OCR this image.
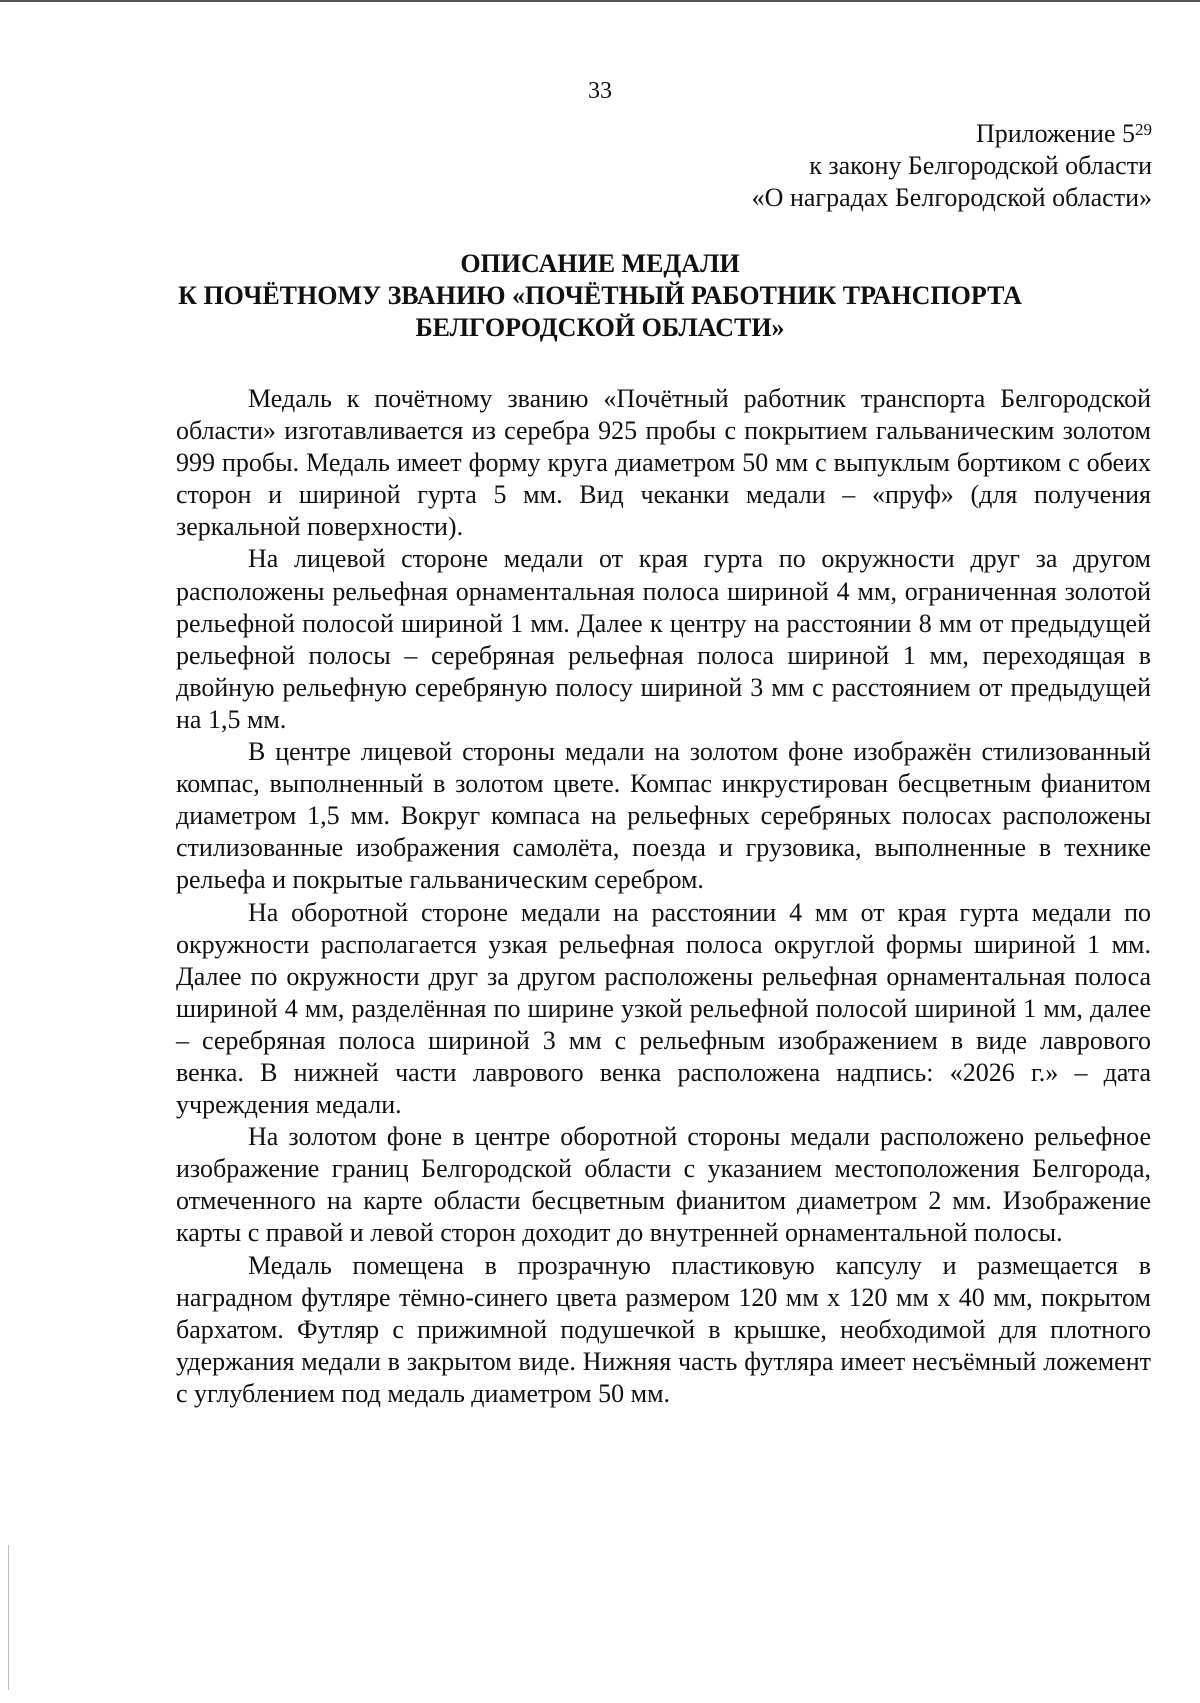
33
Приложение $5^{29}$
к закону Белгородской области
«О наградах Белгородской области»
ОПИСАНИЕ МЕДАЛИ
К ПОЧЁТНОМУ ЗВАНИЮ «ПОЧЁТНЫЙ РАБОТНИК ТРАНСПОРТА
БЕЛГОРОДСКОЙ ОБЛАСТИ»

Медаль к почётному званию «Почётный работник транспорта Белгородской области» изготавливается из серебра 925 пробы с покрытием гальваническим золотом 999 пробы. Медаль имеет форму круга диаметром 50 мм с выпуклым бортиком с обеих сторон и шириной гурта 5 мм. Вид чеканки медали – «пруф» (для получения зеркальной поверхности).

На лицевой стороне медали от края гурта по окружности друг за другом расположены рельефная орнаментальная полоса шириной 4 мм, ограниченная золотой рельефной полосой шириной 1 мм. Далее к центру на расстоянии 8 мм от предыдущей рельефной полосы – серебряная рельефная полоса шириной 1 мм, переходящая в двойную рельефную серебряную полосу шириной 3 мм с расстоянием от предыдущей на 1,5 мм.

В центре лицевой стороны медали на золотом фоне изображён стилизованный компас, выполненный в золотом цвете. Компас инкрустирован бесцветным фианитом диаметром 1,5 мм. Вокруг компаса на рельефных серебряных полосах расположены стилизованные изображения самолёта, поезда и грузовика, выполненные в технике рельефа и покрытые гальваническим серебром.

На оборотной стороне медали на расстоянии 4 мм от края гурта медали по окружности располагается узкая рельефная полоса округлой формы шириной 1 мм. Далее по окружности друг за другом расположены рельефная орнаментальная полоса шириной 4 мм, разделённая по ширине узкой рельефной полосой шириной 1 мм, далее – серебряная полоса шириной 3 мм с рельефным изображением в виде лаврового венка. В нижней части лаврового венка расположена надпись: «2026 г.» – дата учреждения медали.

На золотом фоне в центре оборотной стороны медали расположено рельефное изображение границ Белгородской области с указанием местоположения Белгорода, отмеченного на карте области бесцветным фианитом диаметром 2 мм. Изображение карты с правой и левой сторон доходит до внутренней орнаментальной полосы.

Медаль помещена в прозрачную пластиковую капсулу и размещается в наградном футляре тёмно-синего цвета размером 120 мм х 120 мм х 40 мм, покрытом бархатом. Футляр с прижимной подушечкой в крышке, необходимой для плотного удержания медали в закрытом виде. Нижняя часть футляра имеет несъёмный ложемент с углублением под медаль диаметром 50 мм.
